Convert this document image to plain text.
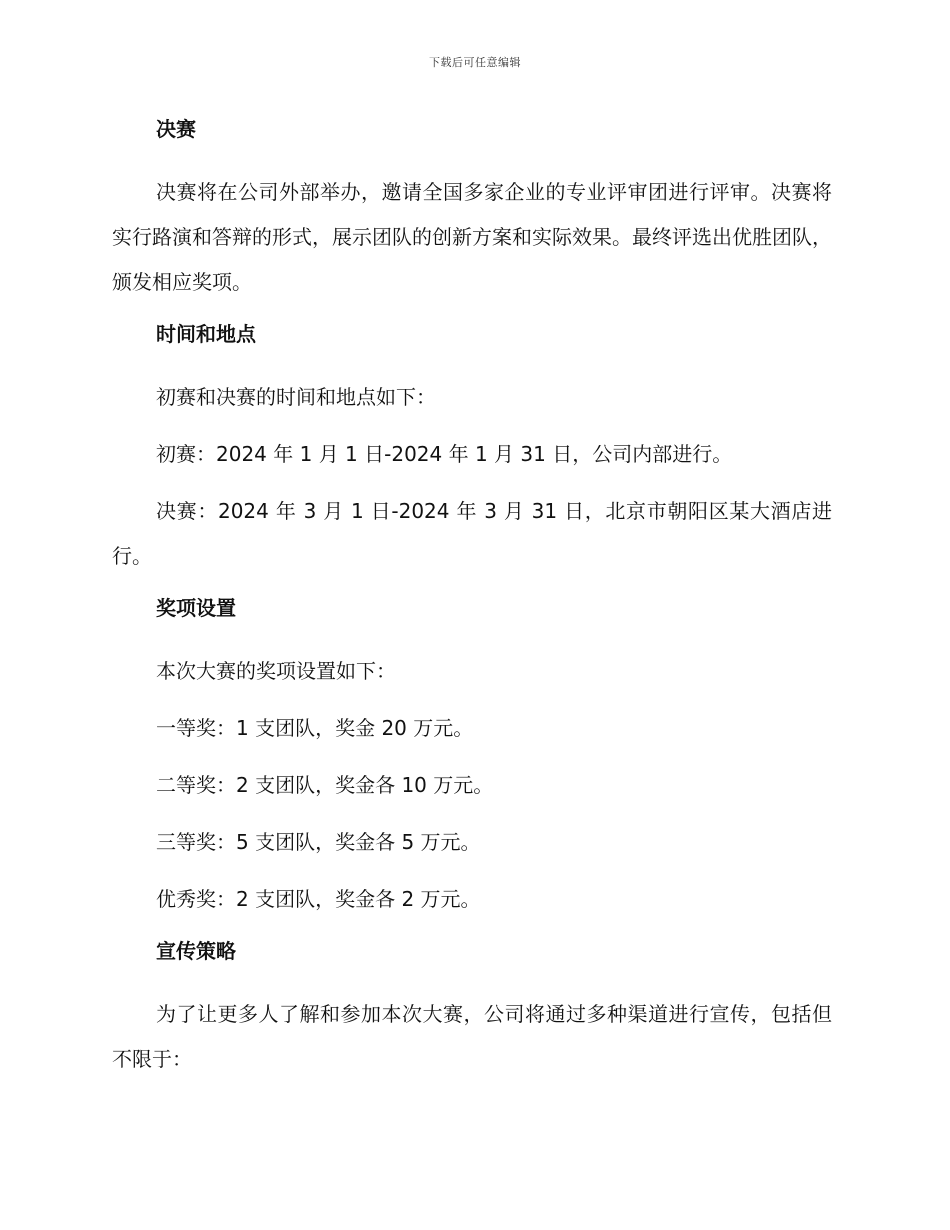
下载后可任意编辑
决赛

决赛将在公司外部举办，邀请全国多家企业的专业评审团进行评审。决赛将实行路演和答辩的形式，展示团队的创新方案和实际效果。最终评选出优胜团队，颁发相应奖项。

时间和地点

初赛和决赛的时间和地点如下：

初赛：2024 年 1 月 1 日-2024 年 1 月 31 日，公司内部进行。

决赛：2024 年 3 月 1 日-2024 年 3 月 31 日，北京市朝阳区某大酒店进行。

奖项设置

本次大赛的奖项设置如下：

一等奖：1 支团队，奖金 20 万元。

二等奖：2 支团队，奖金各 10 万元。

三等奖：5 支团队，奖金各 5 万元。

优秀奖：2 支团队，奖金各 2 万元。

宣传策略

为了让更多人了解和参加本次大赛，公司将通过多种渠道进行宣传，包括但不限于：
